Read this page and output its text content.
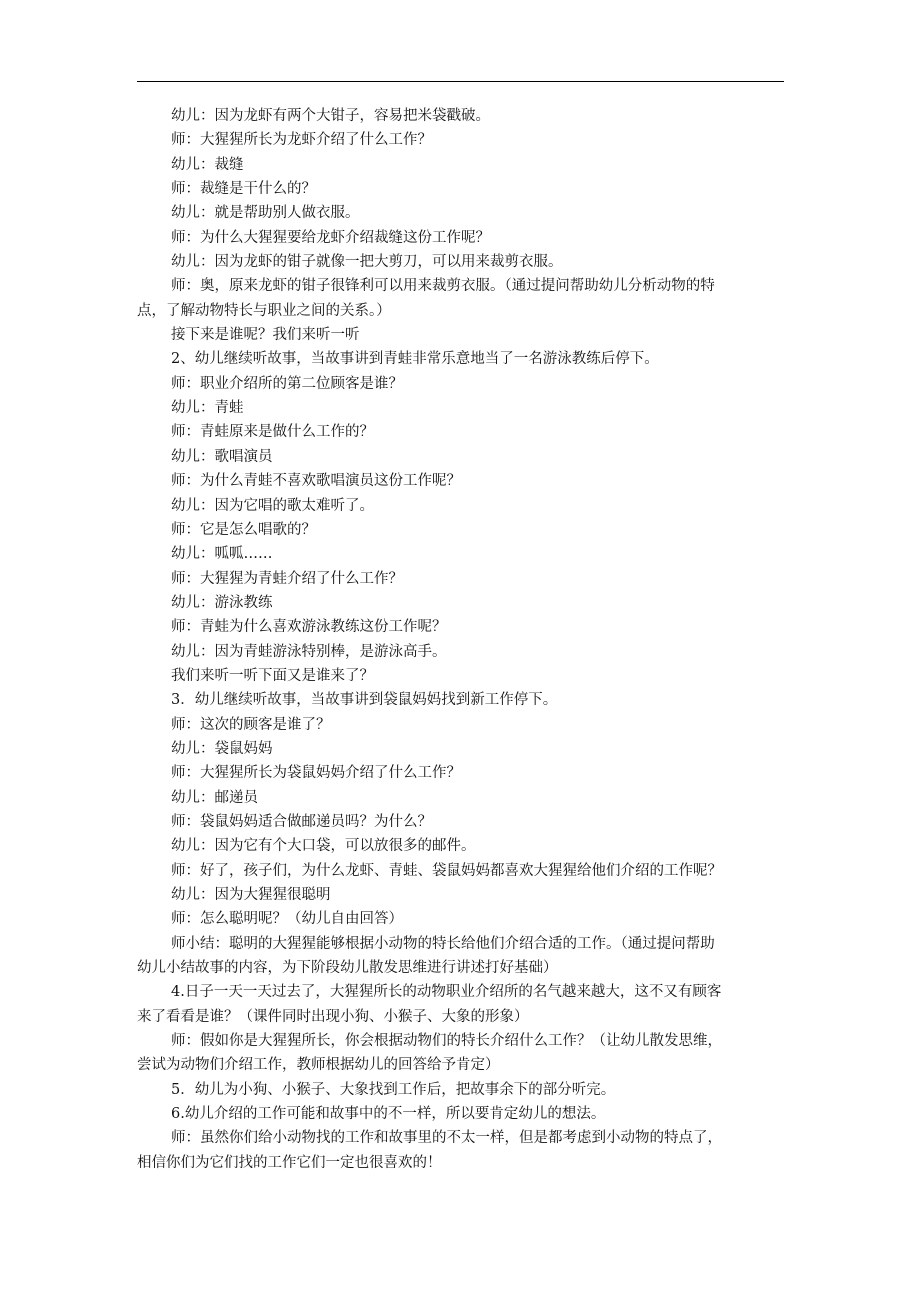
幼儿：因为龙虾有两个大钳子，容易把米袋戳破。

师：大猩猩所长为龙虾介绍了什么工作？

幼儿：裁缝

师：裁缝是干什么的？

幼儿：就是帮助别人做衣服。

师：为什么大猩猩要给龙虾介绍裁缝这份工作呢？

幼儿：因为龙虾的钳子就像一把大剪刀，可以用来裁剪衣服。

师：奥，原来龙虾的钳子很锋利可以用来裁剪衣服。（通过提问帮助幼儿分析动物的特

点，了解动物特长与职业之间的关系。）

接下来是谁呢？我们来听一听

2、幼儿继续听故事，当故事讲到青蛙非常乐意地当了一名游泳教练后停下。

师：职业介绍所的第二位顾客是谁？

幼儿：青蛙

师：青蛙原来是做什么工作的？

幼儿：歌唱演员

师：为什么青蛙不喜欢歌唱演员这份工作呢？

幼儿：因为它唱的歌太难听了。

师：它是怎么唱歌的？

幼儿：呱呱……

师：大猩猩为青蛙介绍了什么工作？

幼儿：游泳教练

师：青蛙为什么喜欢游泳教练这份工作呢？

幼儿：因为青蛙游泳特别棒，是游泳高手。

我们来听一听下面又是谁来了？

3．幼儿继续听故事，当故事讲到袋鼠妈妈找到新工作停下。

师：这次的顾客是谁了？

幼儿：袋鼠妈妈

师：大猩猩所长为袋鼠妈妈介绍了什么工作？

幼儿：邮递员

师：袋鼠妈妈适合做邮递员吗？为什么？

幼儿：因为它有个大口袋，可以放很多的邮件。

师：好了，孩子们，为什么龙虾、青蛙、袋鼠妈妈都喜欢大猩猩给他们介绍的工作呢？

幼儿：因为大猩猩很聪明

师：怎么聪明呢？（幼儿自由回答）

师小结：聪明的大猩猩能够根据小动物的特长给他们介绍合适的工作。（通过提问帮助

幼儿小结故事的内容，为下阶段幼儿散发思维进行讲述打好基础）

4.日子一天一天过去了，大猩猩所长的动物职业介绍所的名气越来越大，这不又有顾客

来了看看是谁？（课件同时出现小狗、小猴子、大象的形象）

师：假如你是大猩猩所长，你会根据动物们的特长介绍什么工作？（让幼儿散发思维，

尝试为动物们介绍工作，教师根据幼儿的回答给予肯定）

5．幼儿为小狗、小猴子、大象找到工作后，把故事余下的部分听完。

6.幼儿介绍的工作可能和故事中的不一样，所以要肯定幼儿的想法。

师：虽然你们给小动物找的工作和故事里的不太一样，但是都考虑到小动物的特点了，

相信你们为它们找的工作它们一定也很喜欢的！
